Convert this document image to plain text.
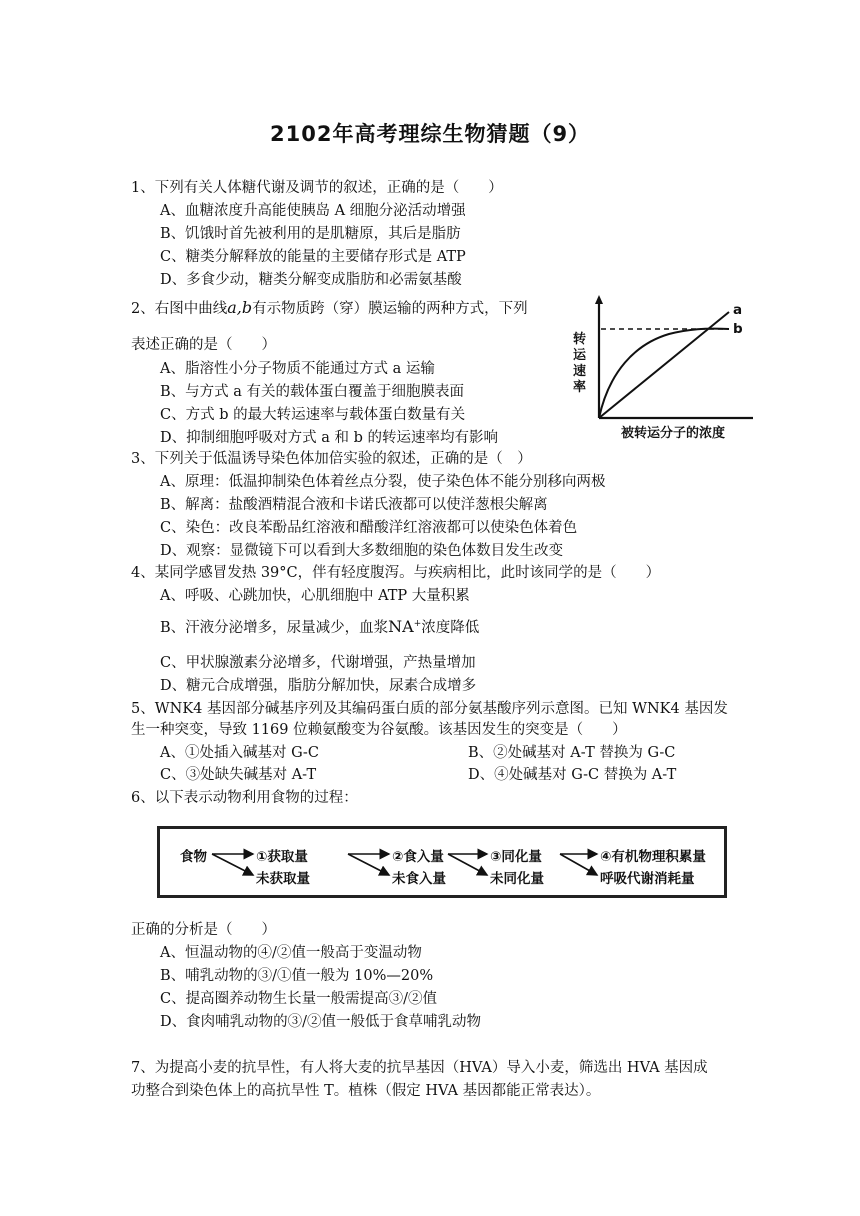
2102年高考理综生物猜题（9）
1、下列有关人体糖代谢及调节的叙述，正确的是（　　）
A、血糖浓度升高能使胰岛 A 细胞分泌活动增强
B、饥饿时首先被利用的是肌糖原，其后是脂肪
C、糖类分解释放的能量的主要储存形式是 ATP
D、多食少动，糖类分解变成脂肪和必需氨基酸
2、右图中曲线a,b有示物质跨（穿）膜运输的两种方式，下列
表述正确的是（　　）
A、脂溶性小分子物质不能通过方式 a 运输
B、与方式 a 有关的载体蛋白覆盖于细胞膜表面
C、方式 b 的最大转运速率与载体蛋白数量有关
D、抑制细胞呼吸对方式 a 和 b 的转运速率均有影响
转运速率
被转运分子的浓度
a
b
3、下列关于低温诱导染色体加倍实验的叙述，正确的是（　）
A、原理：低温抑制染色体着丝点分裂，使子染色体不能分别移向两极
B、解离：盐酸酒精混合液和卡诺氏液都可以使洋葱根尖解离
C、染色：改良苯酚品红溶液和醋酸洋红溶液都可以使染色体着色
D、观察：显微镜下可以看到大多数细胞的染色体数目发生改变
4、某同学感冒发热 39°C，伴有轻度腹泻。与疾病相比，此时该同学的是（　　）
A、呼吸、心跳加快，心肌细胞中 ATP 大量积累
B、汗液分泌增多，尿量减少，血浆NA+浓度降低
C、甲状腺激素分泌增多，代谢增强，产热量增加
D、糖元合成增强，脂肪分解加快，尿素合成增多
5、WNK4 基因部分碱基序列及其编码蛋白质的部分氨基酸序列示意图。已知 WNK4 基因发
生一种突变，导致 1169 位赖氨酸变为谷氨酸。该基因发生的突变是（　　）
A、①处插入碱基对 G-C	B、②处碱基对 A-T 替换为 G-C
C、③处缺失碱基对 A-T	D、④处碱基对 G-C 替换为 A-T
6、以下表示动物利用食物的过程：
食物	①获取量
未获取量
②食入量
未食入量
③同化量
未同化量
④有机物理积累量
呼吸代谢消耗量
正确的分析是（　　）
A、恒温动物的④/②值一般高于变温动物
B、哺乳动物的③/①值一般为 10%—20%
C、提高圈养动物生长量一般需提高③/②值
D、食肉哺乳动物的③/②值一般低于食草哺乳动物
7、为提高小麦的抗旱性，有人将大麦的抗旱基因（HVA）导入小麦，筛选出 HVA 基因成
功整合到染色体上的高抗旱性 T。植株（假定 HVA 基因都能正常表达）。
